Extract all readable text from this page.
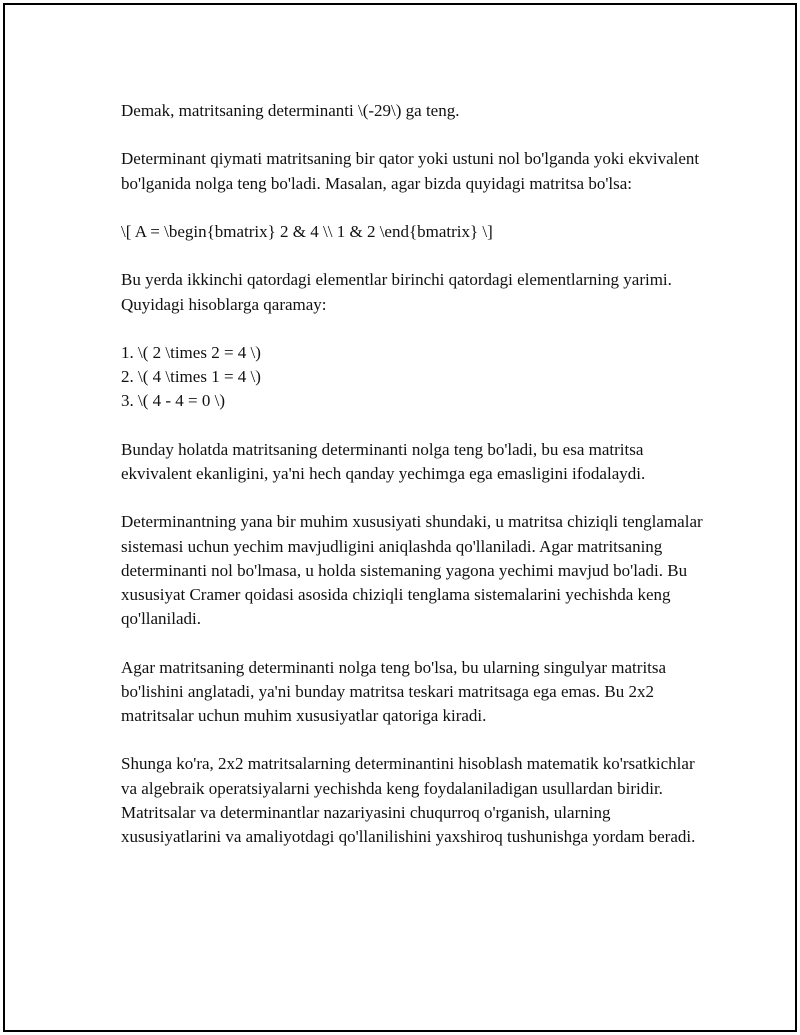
Demak, matritsaning determinanti \(-29\) ga teng.

Determinant qiymati matritsaning bir qator yoki ustuni nol bo'lganda yoki ekvivalent bo'lganida nolga teng bo'ladi. Masalan, agar bizda quyidagi matritsa bo'lsa:

\[ A = \begin{bmatrix} 2 & 4 \\ 1 & 2 \end{bmatrix} \]

Bu yerda ikkinchi qatordagi elementlar birinchi qatordagi elementlarning yarimi. Quyidagi hisoblarga qaramay:

1. \( 2 \times 2 = 4 \)
2. \( 4 \times 1 = 4 \)
3. \( 4 - 4 = 0 \)

Bunday holatda matritsaning determinanti nolga teng bo'ladi, bu esa matritsa ekvivalent ekanligini, ya'ni hech qanday yechimga ega emasligini ifodalaydi.

Determinantning yana bir muhim xususiyati shundaki, u matritsa chiziqli tenglamalar sistemasi uchun yechim mavjudligini aniqlashda qo'llaniladi. Agar matritsaning determinanti nol bo'lmasa, u holda sistemaning yagona yechimi mavjud bo'ladi. Bu xususiyat Cramer qoidasi asosida chiziqli tenglama sistemalarini yechishda keng qo'llaniladi.

Agar matritsaning determinanti nolga teng bo'lsa, bu ularning singulyar matritsa bo'lishini anglatadi, ya'ni bunday matritsa teskari matritsaga ega emas. Bu 2x2 matritsalar uchun muhim xususiyatlar qatoriga kiradi.

Shunga ko'ra, 2x2 matritsalarning determinantini hisoblash matematik ko'rsatkichlar va algebraik operatsiyalarni yechishda keng foydalaniladigan usullardan biridir. Matritsalar va determinantlar nazariyasini chuqurroq o'rganish, ularning xususiyatlarini va amaliyotdagi qo'llanilishini yaxshiroq tushunishga yordam beradi.
